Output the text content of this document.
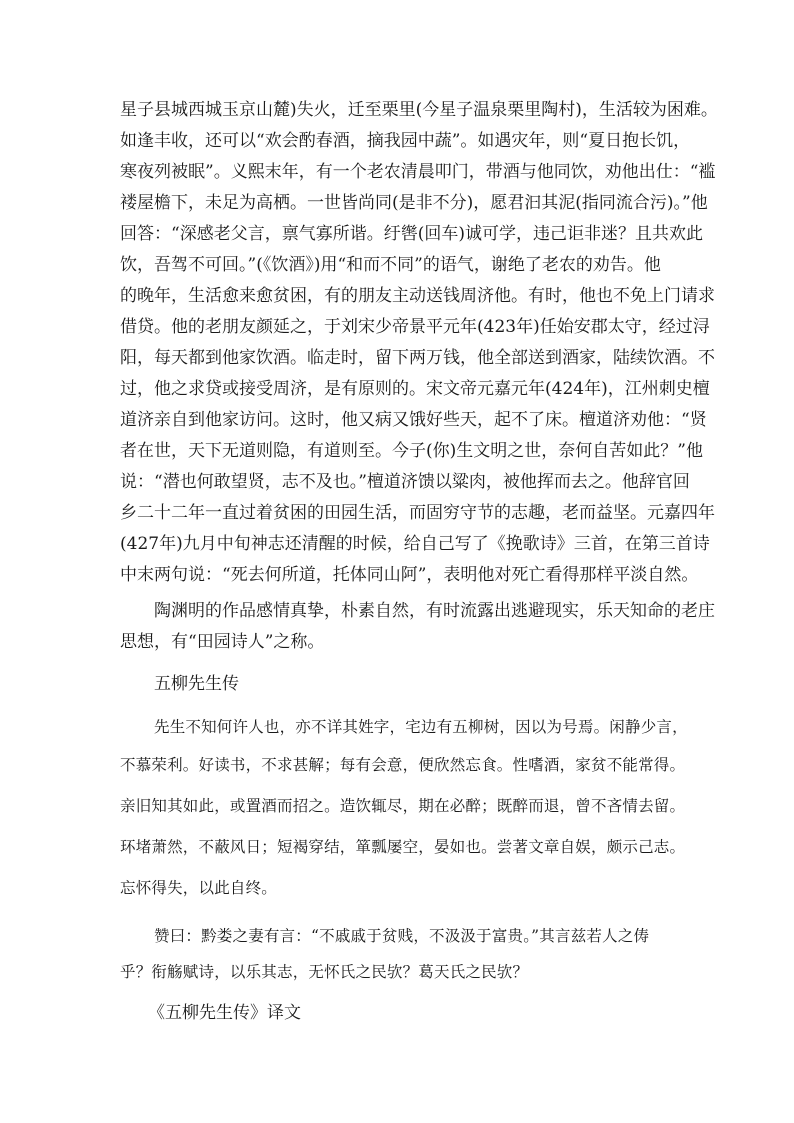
星子县城西城玉京山麓)失火，迁至栗里(今星子温泉栗里陶村)，生活较为困难。
如逢丰收，还可以“欢会酌春酒，摘我园中蔬”。如遇灾年，则“夏日抱长饥，
寒夜列被眠”。义熙末年，有一个老农清晨叩门，带酒与他同饮，劝他出仕：“褴
褛屋檐下，未足为高栖。一世皆尚同(是非不分)，愿君汩其泥(指同流合污)。”他
回答：“深感老父言，禀气寡所谐。纡辔(回车)诚可学，违己讵非迷？且共欢此
饮，吾驾不可回。”(《饮酒》)用“和而不同”的语气，谢绝了老农的劝告。他
的晚年，生活愈来愈贫困，有的朋友主动送钱周济他。有时，他也不免上门请求
借贷。他的老朋友颜延之，于刘宋少帝景平元年(423年)任始安郡太守，经过浔
阳，每天都到他家饮酒。临走时，留下两万钱，他全部送到酒家，陆续饮酒。不
过，他之求贷或接受周济，是有原则的。宋文帝元嘉元年(424年)，江州刺史檀
道济亲自到他家访问。这时，他又病又饿好些天，起不了床。檀道济劝他：“贤
者在世，天下无道则隐，有道则至。今子(你)生文明之世，奈何自苦如此？”他
说：“潜也何敢望贤，志不及也。”檀道济馈以粱肉，被他挥而去之。他辞官回
乡二十二年一直过着贫困的田园生活，而固穷守节的志趣，老而益坚。元嘉四年
(427年)九月中旬神志还清醒的时候，给自己写了《挽歌诗》三首，在第三首诗
中末两句说：“死去何所道，托体同山阿”，表明他对死亡看得那样平淡自然。
陶渊明的作品感情真挚，朴素自然，有时流露出逃避现实，乐天知命的老庄
思想，有“田园诗人”之称。
五柳先生传
先生不知何许人也，亦不详其姓字，宅边有五柳树，因以为号焉。闲静少言，
不慕荣利。好读书，不求甚解；每有会意，便欣然忘食。性嗜酒，家贫不能常得。
亲旧知其如此，或置酒而招之。造饮辄尽，期在必醉；既醉而退，曾不吝情去留。
环堵萧然，不蔽风日；短褐穿结，箪瓢屡空，晏如也。尝著文章自娱，颇示己志。
忘怀得失，以此自终。
赞曰：黔娄之妻有言：“不戚戚于贫贱，不汲汲于富贵。”其言兹若人之俦
乎？衔觞赋诗，以乐其志，无怀氏之民欤？葛天氏之民欤？
《五柳先生传》译文
